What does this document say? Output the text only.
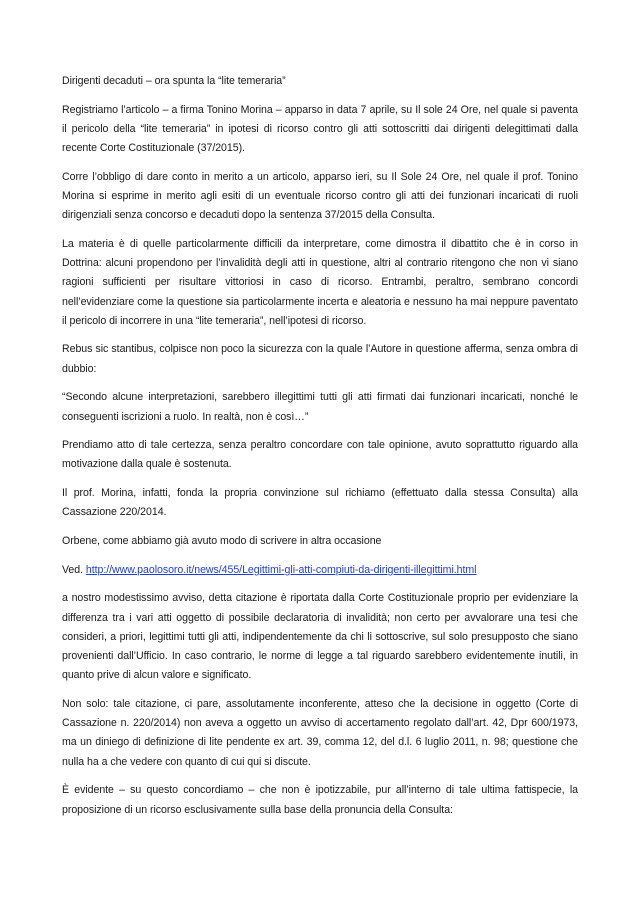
Dirigenti decaduti – ora spunta la “lite temeraria”

Registriamo l’articolo – a firma Tonino Morina – apparso in data 7 aprile, su Il sole 24 Ore, nel quale si paventa il pericolo della “lite temeraria” in ipotesi di ricorso contro gli atti sottoscritti dai dirigenti delegittimati dalla recente Corte Costituzionale (37/2015).

Corre l’obbligo di dare conto in merito a un articolo, apparso ieri, su Il Sole 24 Ore, nel quale il prof. Tonino Morina si esprime in merito agli esiti di un eventuale ricorso contro gli atti dei funzionari incaricati di ruoli dirigenziali senza concorso e decaduti dopo la sentenza 37/2015 della Consulta.

La materia è di quelle particolarmente difficili da interpretare, come dimostra il dibattito che è in corso in Dottrina: alcuni propendono per l’invalidità degli atti in questione, altri al contrario ritengono che non vi siano ragioni sufficienti per risultare vittoriosi in caso di ricorso. Entrambi, peraltro, sembrano concordi nell’evidenziare come la questione sia particolarmente incerta e aleatoria e nessuno ha mai neppure paventato il pericolo di incorrere in una “lite temeraria”, nell’ipotesi di ricorso.

Rebus sic stantibus, colpisce non poco la sicurezza con la quale l’Autore in questione afferma, senza ombra di dubbio:

“Secondo alcune interpretazioni, sarebbero illegittimi tutti gli atti firmati dai funzionari incaricati, nonché le conseguenti iscrizioni a ruolo. In realtà, non è così…”

Prendiamo atto di tale certezza, senza peraltro concordare con tale opinione, avuto soprattutto riguardo alla motivazione dalla quale è sostenuta.

Il prof. Morina, infatti, fonda la propria convinzione sul richiamo (effettuato dalla stessa Consulta) alla Cassazione 220/2014.

Orbene, come abbiamo già avuto modo di scrivere in altra occasione

Ved. http://www.paolosoro.it/news/455/Legittimi-gli-atti-compiuti-da-dirigenti-illegittimi.html

a nostro modestissimo avviso, detta citazione è riportata dalla Corte Costituzionale proprio per evidenziare la differenza tra i vari atti oggetto di possibile declaratoria di invalidità; non certo per avvalorare una tesi che consideri, a priori, legittimi tutti gli atti, indipendentemente da chi li sottoscrive, sul solo presupposto che siano provenienti dall’Ufficio. In caso contrario, le norme di legge a tal riguardo sarebbero evidentemente inutili, in quanto prive di alcun valore e significato.

Non solo: tale citazione, ci pare, assolutamente inconferente, atteso che la decisione in oggetto (Corte di Cassazione n. 220/2014) non aveva a oggetto un avviso di accertamento regolato dall’art. 42, Dpr 600/1973, ma un diniego di definizione di lite pendente ex art. 39, comma 12, del d.l. 6 luglio 2011, n. 98; questione che nulla ha a che vedere con quanto di cui qui si discute.

È evidente – su questo concordiamo – che non è ipotizzabile, pur all’interno di tale ultima fattispecie, la proposizione di un ricorso esclusivamente sulla base della pronuncia della Consulta:
